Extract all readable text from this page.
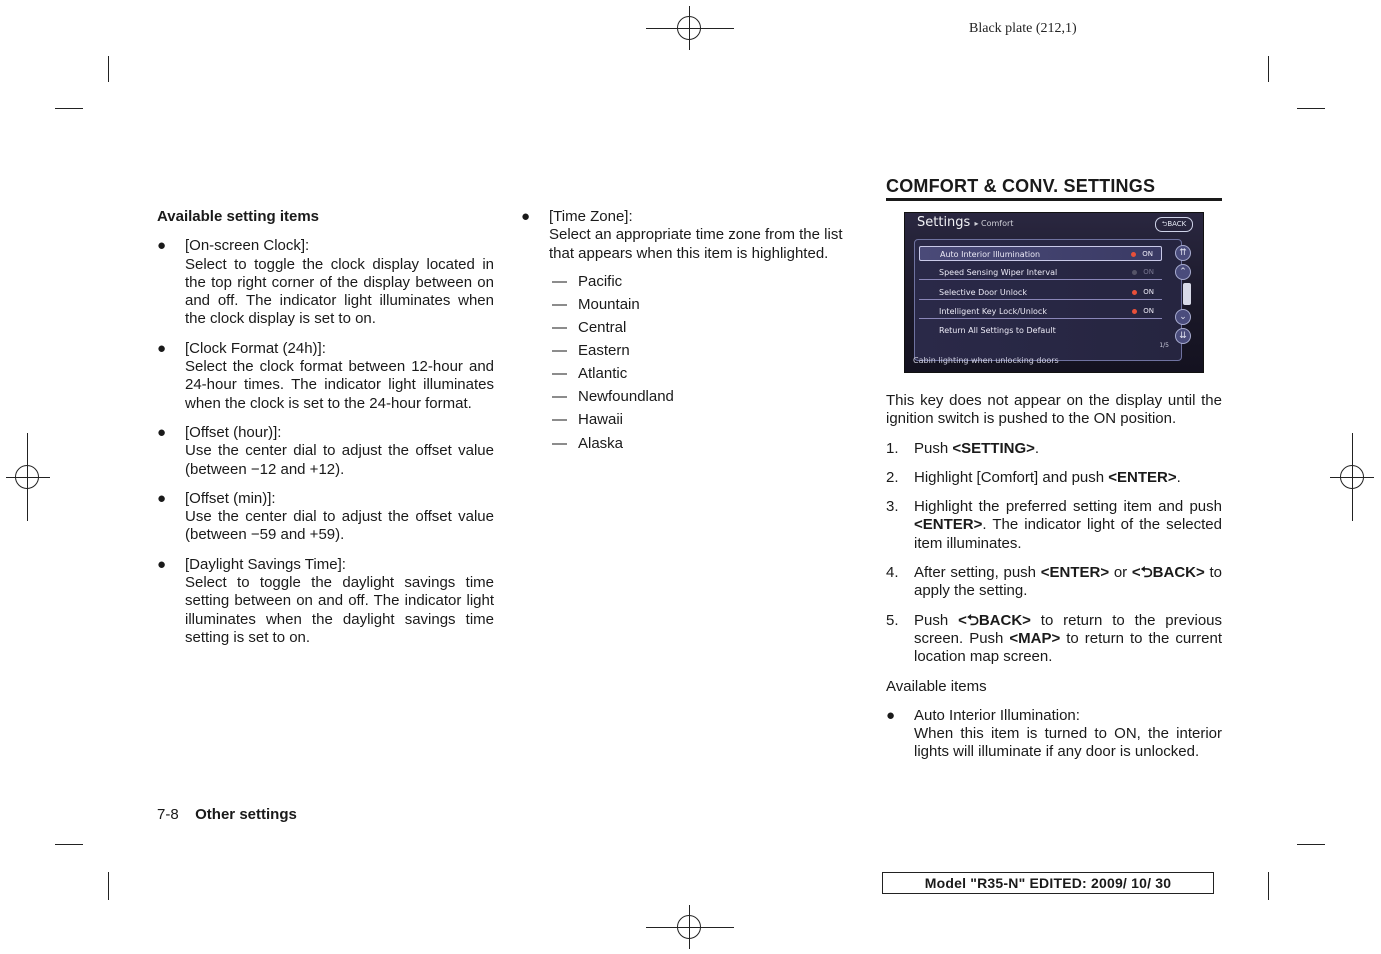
Black plate (212,1)

Available setting items

● [On-screen Clock]:

Select to toggle the clock display located in the top right corner of the display between on and off. The indicator light illuminates when the clock display is set to on.

● [Clock Format (24h)]:

Select the clock format between 12-hour and 24-hour times. The indicator light illuminates when the clock is set to the 24-hour format.

● [Offset (hour)]:

Use the center dial to adjust the offset value (between −12 and +12).

● [Offset (min)]:

Use the center dial to adjust the offset value (between −59 and +59).

● [Daylight Savings Time]:

Select to toggle the daylight savings time setting between on and off. The indicator light illuminates when the daylight savings time setting is set to on.

● [Time Zone]:

Select an appropriate time zone from the list that appears when this item is highlighted.

— Pacific
— Mountain
— Central
— Eastern
— Atlantic
— Newfoundland
— Hawaii
— Alaska
COMFORT & CONV. SETTINGS
Settings ▸ Comfort	⮌BACK
Auto Interior Illumination	ON
Speed Sensing Wiper Interval	ON
Selective Door Unlock	ON
Intelligent Key Lock/Unlock	ON
Return All Settings to Default
⇈
⌃
⌄
⇊
1/5
Cabin lighting when unlocking doors

This key does not appear on the display until the ignition switch is pushed to the ON position.

1. Push <SETTING>.

2. Highlight [Comfort] and push <ENTER>.

3. Highlight the preferred setting item and push <ENTER>. The indicator light of the selected item illuminates.

4. After setting, push <ENTER> or <⮌BACK> to apply the setting.

5. Push <⮌BACK> to return to the previous screen. Push <MAP> to return to the current location map screen.

Available items

● Auto Interior Illumination:

When this item is turned to ON, the interior lights will illuminate if any door is unlocked.

7-8 Other settings
Model "R35-N" EDITED: 2009/ 10/ 30
